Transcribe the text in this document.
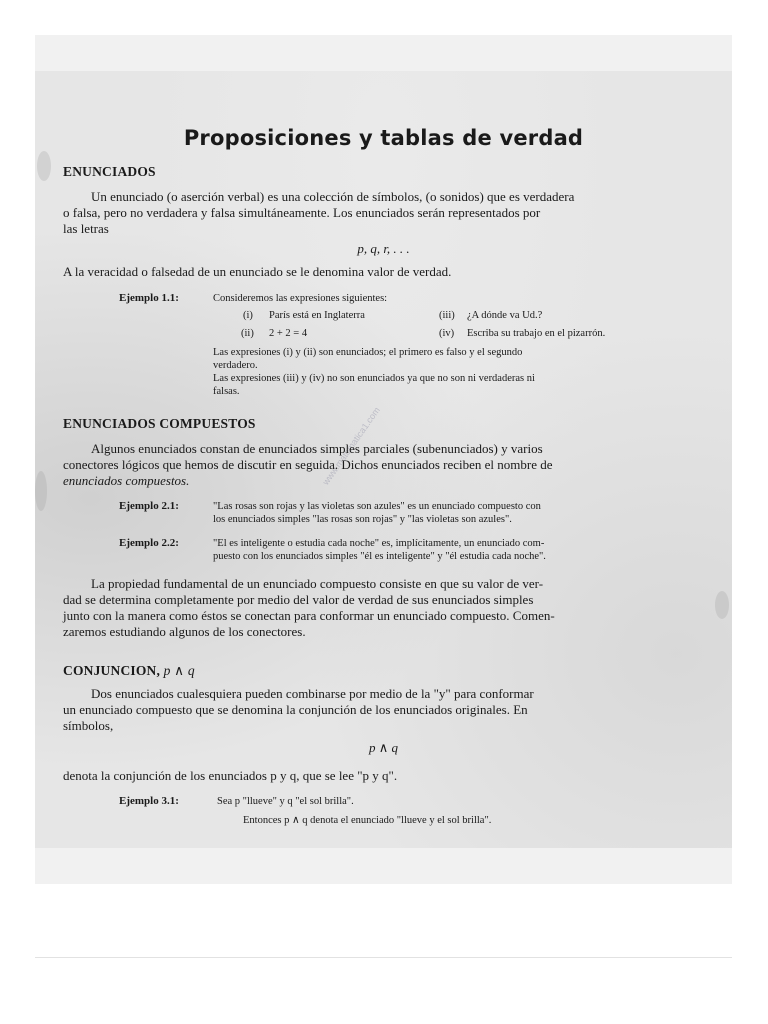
www.matematica1.com
Proposiciones y tablas de verdad
ENUNCIADOS
Un enunciado (o aserción verbal) es una colección de símbolos, (o sonidos) que es verdadera
o falsa, pero no verdadera y falsa simultáneamente. Los enunciados serán representados por
las letras
p, q, r, . . .
A la veracidad o falsedad de un enunciado se le denomina valor de verdad.
Ejemplo 1.1:	Consideremos las expresiones siguientes:
(i) París está en Inglaterra	(iii) ¿A dónde va Ud.?
(ii) 2 + 2 = 4	(iv) Escriba su trabajo en el pizarrón.
Las expresiones (i) y (ii) son enunciados; el primero es falso y el segundo
verdadero.
Las expresiones (iii) y (iv) no son enunciados ya que no son ni verdaderas ni
falsas.
ENUNCIADOS COMPUESTOS
Algunos enunciados constan de enunciados simples parciales (subenunciados) y varios
conectores lógicos que hemos de discutir en seguida. Dichos enunciados reciben el nombre de
enunciados compuestos.
Ejemplo 2.1:	"Las rosas son rojas y las violetas son azules" es un enunciado compuesto con
los enunciados simples "las rosas son rojas" y "las violetas son azules".
Ejemplo 2.2:	"El es inteligente o estudia cada noche" es, implícitamente, un enunciado com-
puesto con los enunciados simples "él es inteligente" y "él estudia cada noche".
La propiedad fundamental de un enunciado compuesto consiste en que su valor de ver-
dad se determina completamente por medio del valor de verdad de sus enunciados simples
junto con la manera como éstos se conectan para conformar un enunciado compuesto. Comen-
zaremos estudiando algunos de los conectores.
CONJUNCION, p ∧ q
Dos enunciados cualesquiera pueden combinarse por medio de la "y" para conformar
un enunciado compuesto que se denomina la conjunción de los enunciados originales. En
símbolos,
p ∧ q
denota la conjunción de los enunciados p y q, que se lee "p y q".
Ejemplo 3.1:	Sea p "llueve" y q "el sol brilla".
Entonces p ∧ q denota el enunciado "llueve y el sol brilla".
